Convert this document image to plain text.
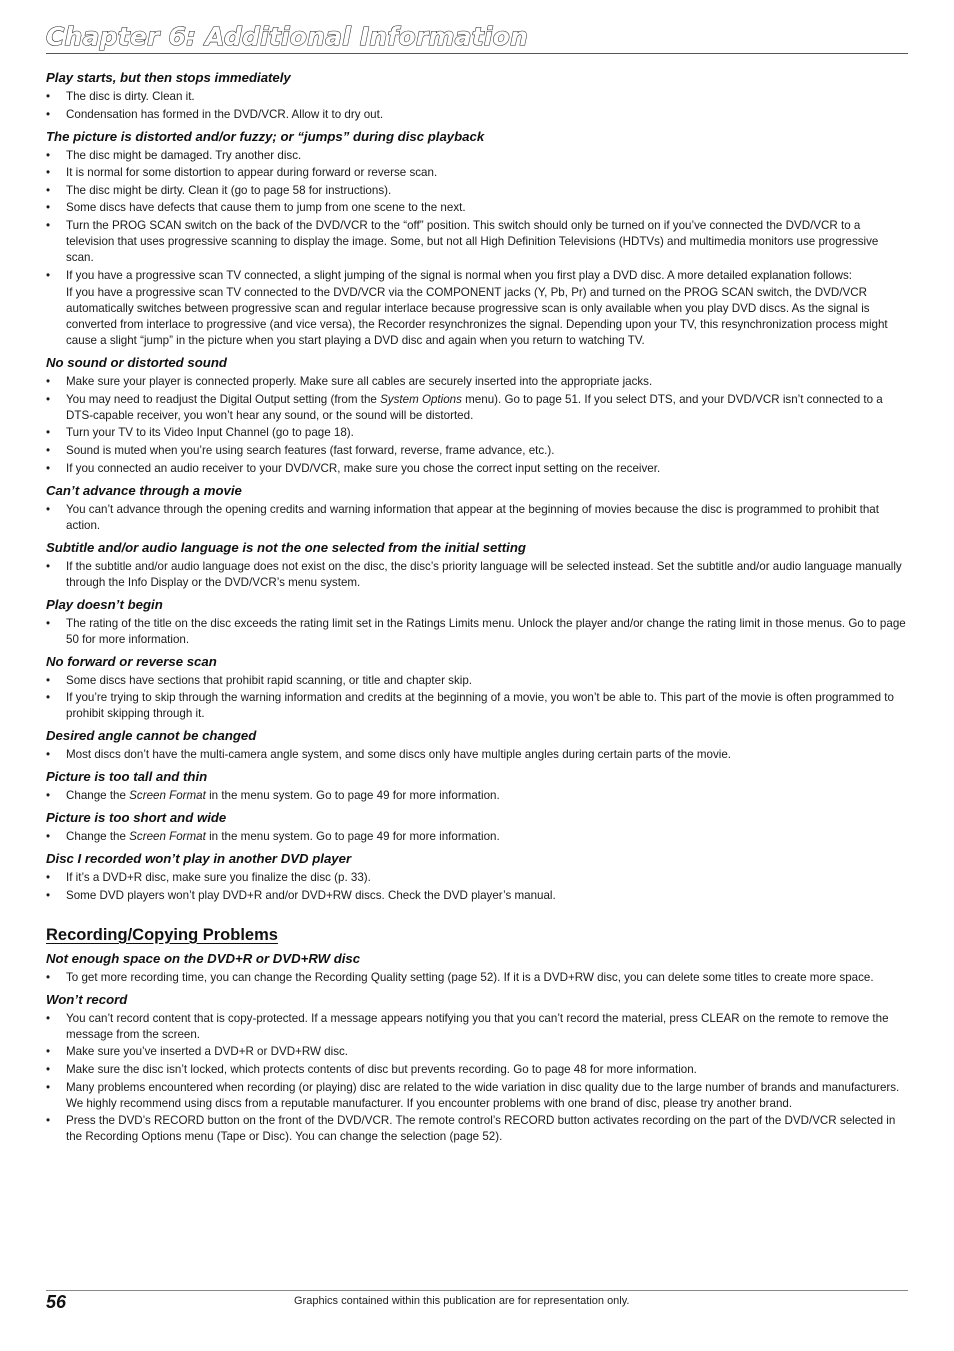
Chapter 6: Additional Information
Play starts, but then stops immediately
• The disc is dirty. Clean it.
• Condensation has formed in the DVD/VCR. Allow it to dry out.
The picture is distorted and/or fuzzy; or “jumps” during disc playback
• The disc might be damaged. Try another disc.
• It is normal for some distortion to appear during forward or reverse scan.
• The disc might be dirty. Clean it (go to page 58 for instructions).
• Some discs have defects that cause them to jump from one scene to the next.
• Turn the PROG SCAN switch on the back of the DVD/VCR to the “off” position. This switch should only be turned on if you’ve connected the DVD/VCR to a television that uses progressive scanning to display the image. Some, but not all High Definition Televisions (HDTVs) and multimedia monitors use progressive scan.
• If you have a progressive scan TV connected, a slight jumping of the signal is normal when you first play a DVD disc. A more detailed explanation follows:
If you have a progressive scan TV connected to the DVD/VCR via the COMPONENT jacks (Y, Pb, Pr) and turned on the PROG SCAN switch, the DVD/VCR automatically switches between progressive scan and regular interlace because progressive scan is only available when you play DVD discs. As the signal is converted from interlace to progressive (and vice versa), the Recorder resynchronizes the signal. Depending upon your TV, this resynchronization process might cause a slight “jump” in the picture when you start playing a DVD disc and again when you return to watching TV.
No sound or distorted sound
• Make sure your player is connected properly. Make sure all cables are securely inserted into the appropriate jacks.
• You may need to readjust the Digital Output setting (from the System Options menu). Go to page 51. If you select DTS, and your DVD/VCR isn’t connected to a DTS-capable receiver, you won’t hear any sound, or the sound will be distorted.
• Turn your TV to its Video Input Channel (go to page 18).
• Sound is muted when you’re using search features (fast forward, reverse, frame advance, etc.).
• If you connected an audio receiver to your DVD/VCR, make sure you chose the correct input setting on the receiver.
Can’t advance through a movie
• You can’t advance through the opening credits and warning information that appear at the beginning of movies because the disc is programmed to prohibit that action.
Subtitle and/or audio language is not the one selected from the initial setting
• If the subtitle and/or audio language does not exist on the disc, the disc’s priority language will be selected instead. Set the subtitle and/or audio language manually through the Info Display or the DVD/VCR’s menu system.
Play doesn’t begin
• The rating of the title on the disc exceeds the rating limit set in the Ratings Limits menu. Unlock the player and/or change the rating limit in those menus. Go to page 50 for more information.
No forward or reverse scan
• Some discs have sections that prohibit rapid scanning, or title and chapter skip.
• If you’re trying to skip through the warning information and credits at the beginning of a movie, you won’t be able to. This part of the movie is often programmed to prohibit skipping through it.
Desired angle cannot be changed
• Most discs don’t have the multi-camera angle system, and some discs only have multiple angles during certain parts of the movie.
Picture is too tall and thin
• Change the Screen Format in the menu system. Go to page 49 for more information.
Picture is too short and wide
• Change the Screen Format in the menu system. Go to page 49 for more information.
Disc I recorded won’t play in another DVD player
• If it’s a DVD+R disc, make sure you finalize the disc (p. 33).
• Some DVD players won’t play DVD+R and/or DVD+RW discs. Check the DVD player’s manual.
Recording/Copying Problems
Not enough space on the DVD+R or DVD+RW disc
• To get more recording time, you can change the Recording Quality setting (page 52). If it is a DVD+RW disc, you can delete some titles to create more space.
Won’t record
• You can’t record content that is copy-protected. If a message appears notifying you that you can’t record the material, press CLEAR on the remote to remove the message from the screen.
• Make sure you’ve inserted a DVD+R or DVD+RW disc.
• Make sure the disc isn’t locked, which protects contents of disc but prevents recording. Go to page 48 for more information.
• Many problems encountered when recording (or playing) disc are related to the wide variation in disc quality due to the large number of brands and manufacturers. We highly recommend using discs from a reputable manufacturer. If you encounter problems with one brand of disc, please try another brand.
• Press the DVD’s RECORD button on the front of the DVD/VCR. The remote control’s RECORD button activates recording on the part of the DVD/VCR selected in the Recording Options menu (Tape or Disc). You can change the selection (page 52).
56	Graphics contained within this publication are for representation only.
